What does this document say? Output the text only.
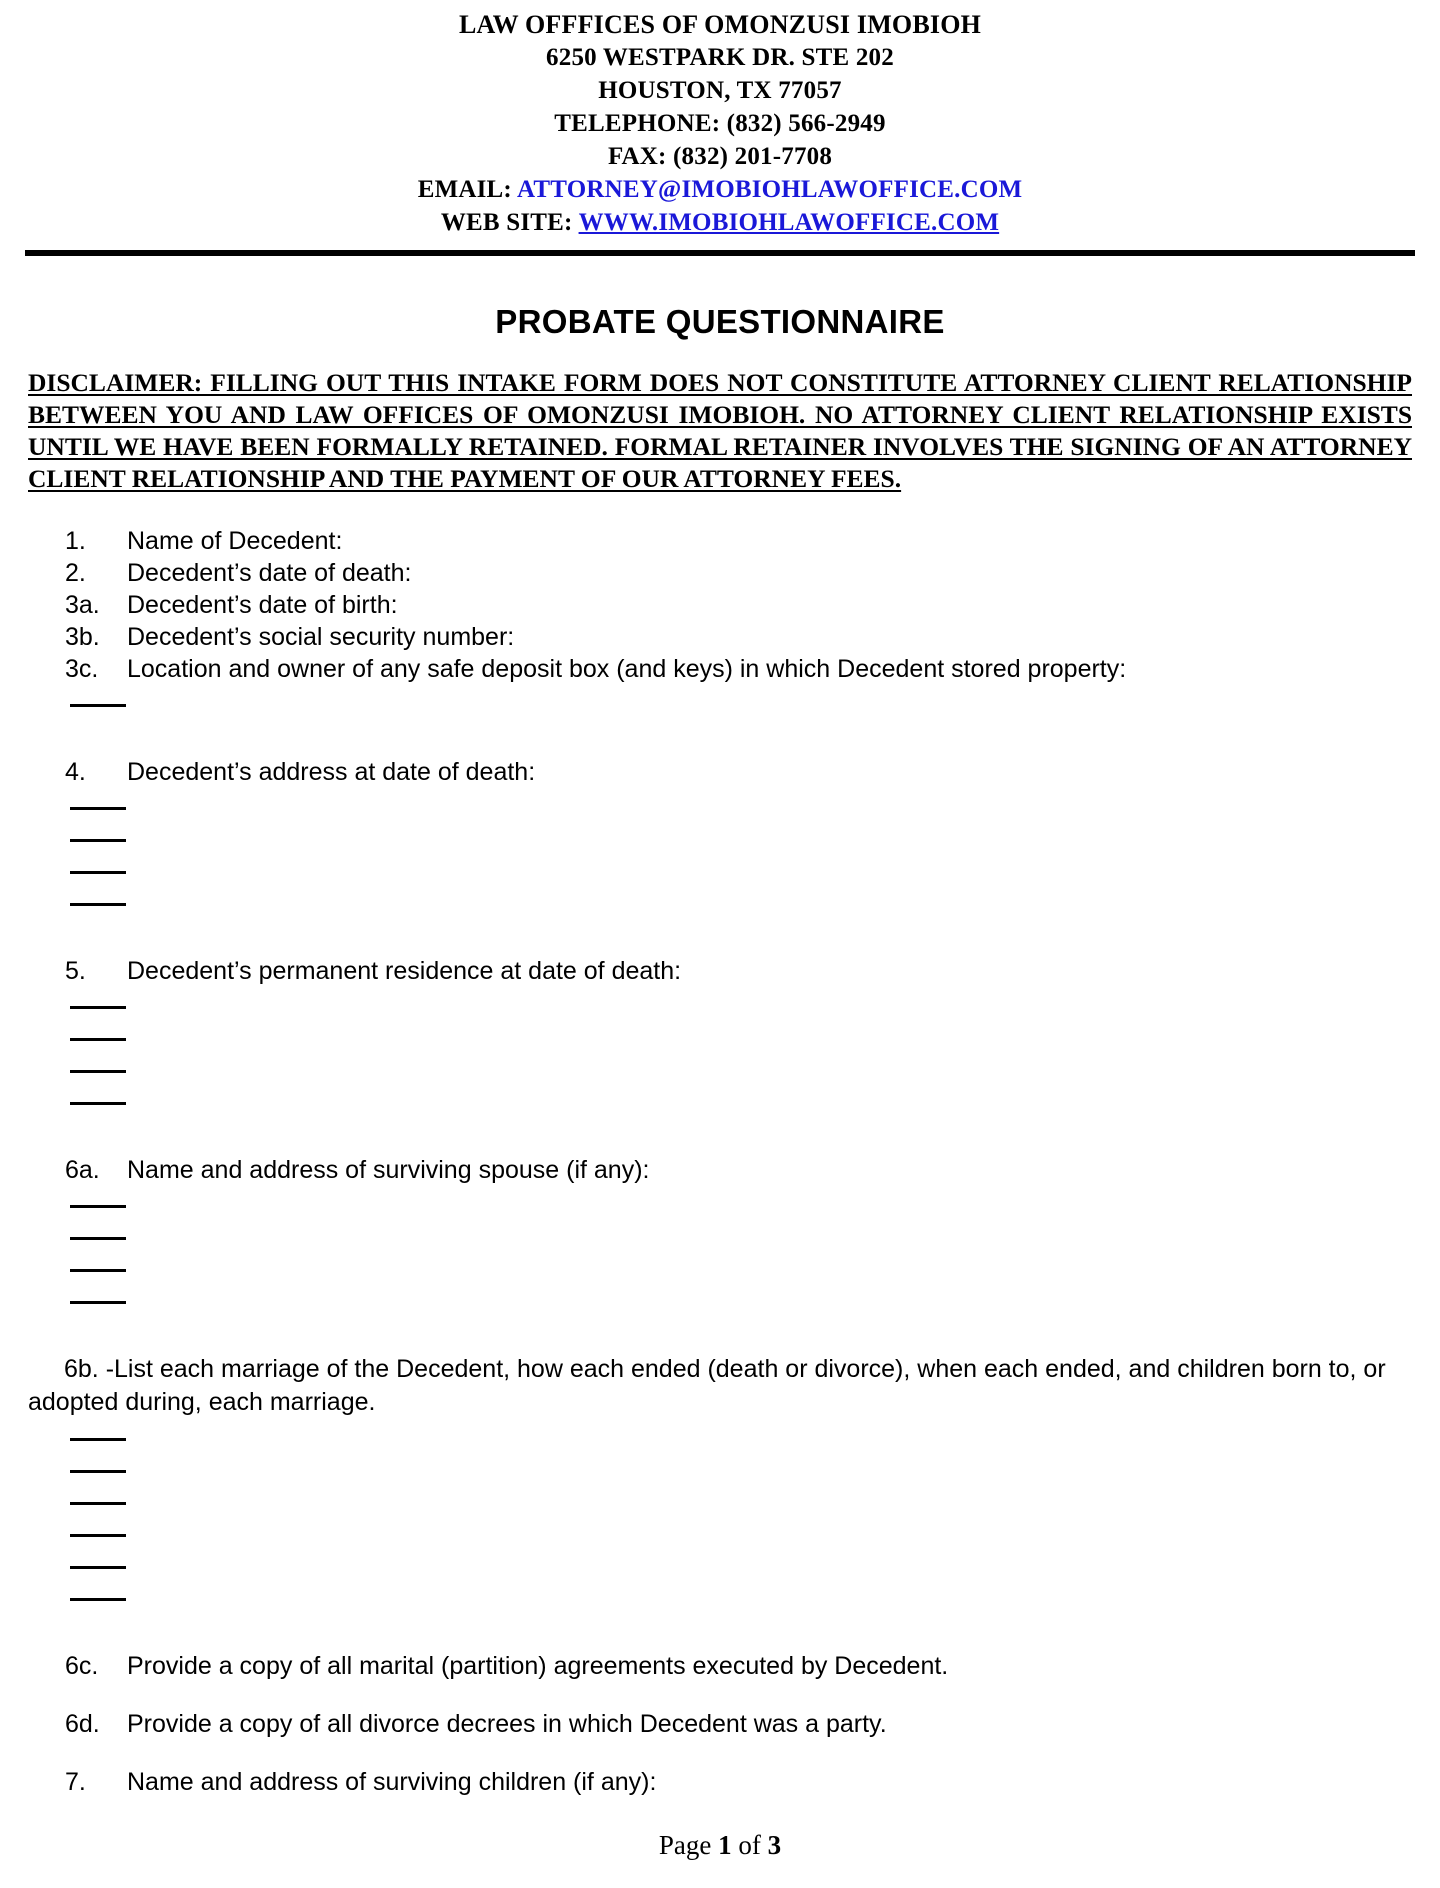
LAW OFFFICES OF OMONZUSI IMOBIOH
6250 WESTPARK DR. STE 202
HOUSTON, TX 77057
TELEPHONE: (832) 566-2949
FAX: (832) 201-7708
EMAIL: ATTORNEY@IMOBIOHLAWOFFICE.COM
WEB SITE: WWW.IMOBIOHLAWOFFICE.COM
PROBATE QUESTIONNAIRE
DISCLAIMER: FILLING OUT THIS INTAKE FORM DOES NOT CONSTITUTE ATTORNEY CLIENT RELATIONSHIP BETWEEN YOU AND LAW OFFICES OF OMONZUSI IMOBIOH. NO ATTORNEY CLIENT RELATIONSHIP EXISTS UNTIL WE HAVE BEEN FORMALLY RETAINED. FORMAL RETAINER INVOLVES THE SIGNING OF AN ATTORNEY CLIENT RELATIONSHIP AND THE PAYMENT OF OUR ATTORNEY FEES.
1.	Name of Decedent:
2.	Decedent’s date of death:
3a.	Decedent’s date of birth:
3b.	Decedent’s social security number:
3c.	Location and owner of any safe deposit box (and keys) in which Decedent stored property:
4.	Decedent’s address at date of death:
5.	Decedent’s permanent residence at date of death:
6a.	Name and address of surviving spouse (if any):
6b. -List each marriage of the Decedent, how each ended (death or divorce), when each ended, and children born to, or adopted during, each marriage.
6c.	Provide a copy of all marital (partition) agreements executed by Decedent.
6d.	Provide a copy of all divorce decrees in which Decedent was a party.
7.	Name and address of surviving children (if any):
Page 1 of 3
